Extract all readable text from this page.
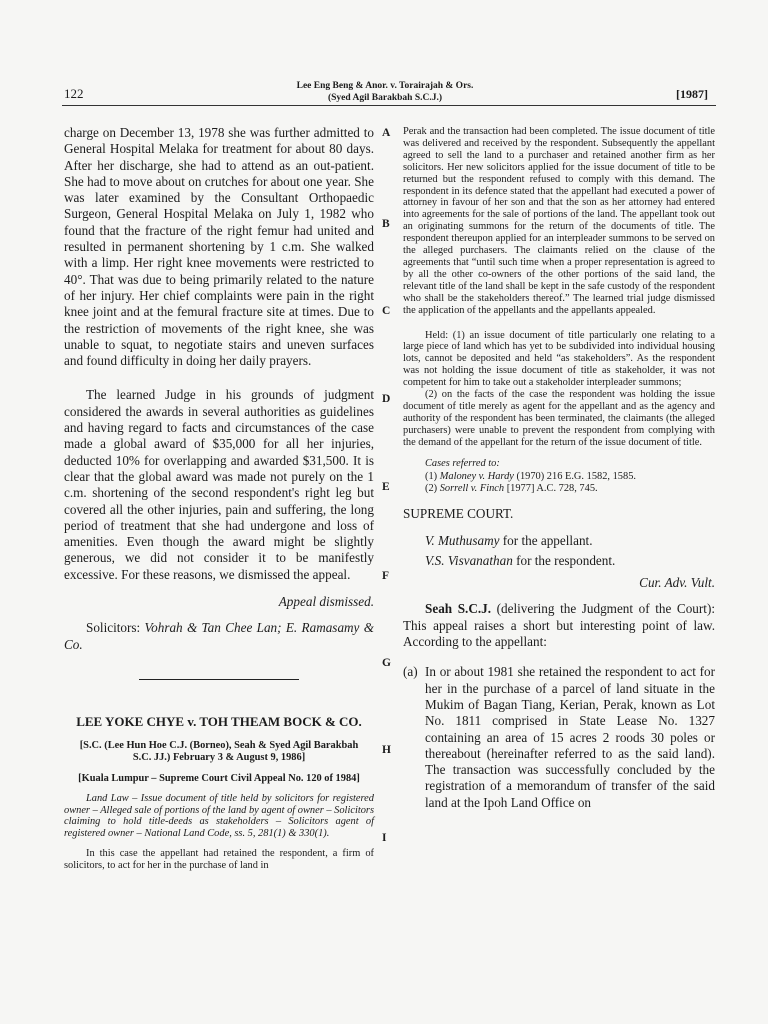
122	Lee Eng Beng & Anor. v. Torairajah & Ors.
(Syed Agil Barakbah S.C.J.)	[1987]

charge on December 13, 1978 she was further admitted to General Hospital Melaka for treatment for about 80 days. After her discharge, she had to attend as an out-patient. She had to move about on crutches for about one year. She was later examined by the Consultant Orthopaedic Surgeon, General Hospital Melaka on July 1, 1982 who found that the fracture of the right femur had united and resulted in permanent shortening by 1 c.m. She walked with a limp. Her right knee movements were restricted to 40°. That was due to being primarily related to the nature of her injury. Her chief complaints were pain in the right knee joint and at the femural fracture site at times. Due to the restriction of movements of the right knee, she was unable to squat, to negotiate stairs and uneven surfaces and found difficulty in doing her daily prayers.

The learned Judge in his grounds of judgment considered the awards in several authorities as guidelines and having regard to facts and circumstances of the case made a global award of $35,000 for all her injuries, deducted 10% for overlapping and awarded $31,500. It is clear that the global award was made not purely on the 1 c.m. shortening of the second respondent's right leg but covered all the other injuries, pain and suffering, the long period of treatment that she had undergone and loss of amenities. Even though the award might be slightly generous, we did not consider it to be manifestly excessive. For these reasons, we dismissed the appeal.

Appeal dismissed.

Solicitors: Vohrah & Tan Chee Lan; E. Ramasamy & Co.

LEE YOKE CHYE v. TOH THEAM BOCK & CO.

[S.C. (Lee Hun Hoe C.J. (Borneo), Seah & Syed Agil Barakbah S.C. JJ.) February 3 & August 9, 1986]

[Kuala Lumpur – Supreme Court Civil Appeal No. 120 of 1984]

Land Law – Issue document of title held by solicitors for registered owner – Alleged sale of portions of the land by agent of owner – Solicitors claiming to hold title-deeds as stakeholders – Solicitors agent of registered owner – National Land Code, ss. 5, 281(1) & 330(1).

In this case the appellant had retained the respondent, a firm of solicitors, to act for her in the purchase of land in

A
B
C
D
E
F
G
H
I

Perak and the transaction had been completed. The issue document of title was delivered and received by the respondent. Subsequently the appellant agreed to sell the land to a purchaser and retained another firm as her solicitors. Her new solicitors applied for the issue document of title to be returned but the respondent refused to comply with this demand. The respondent in its defence stated that the appellant had executed a power of attorney in favour of her son and that the son as her attorney had entered into agreements for the sale of portions of the land. The appellant took out an originating summons for the return of the documents of title. The respondent thereupon applied for an interpleader summons to be served on the alleged purchasers. The claimants relied on the clause of the agreements that “until such time when a proper representation is agreed to by all the other co-owners of the other portions of the said land, the relevant title of the land shall be kept in the safe custody of the respondent who shall be the stakeholders thereof.” The learned trial judge dismissed the application of the appellants and the appellants appealed.

Held: (1) an issue document of title particularly one relating to a large piece of land which has yet to be subdivided into individual housing lots, cannot be deposited and held “as stakeholders”. As the respondent was not holding the issue document of title as stakeholder, it was not competent for him to take out a stakeholder interpleader summons;

(2) on the facts of the case the respondent was holding the issue document of title merely as agent for the appellant and as the agency and authority of the respondent has been terminated, the claimants (the alleged purchasers) were unable to prevent the respondent from complying with the demand of the appellant for the return of the issue document of title.

Cases referred to:

(1) Maloney v. Hardy (1970) 216 E.G. 1582, 1585.

(2) Sorrell v. Finch [1977] A.C. 728, 745.

SUPREME COURT.

V. Muthusamy for the appellant.

V.S. Visvanathan for the respondent.

Cur. Adv. Vult.

Seah S.C.J. (delivering the Judgment of the Court): This appeal raises a short but interesting point of law. According to the appellant:

(a) In or about 1981 she retained the respondent to act for her in the purchase of a parcel of land situate in the Mukim of Bagan Tiang, Kerian, Perak, known as Lot No. 1811 comprised in State Lease No. 1327 containing an area of 15 acres 2 roods 30 poles or thereabout (hereinafter referred to as the said land). The transaction was successfully concluded by the registration of a memorandum of transfer of the said land at the Ipoh Land Office on
